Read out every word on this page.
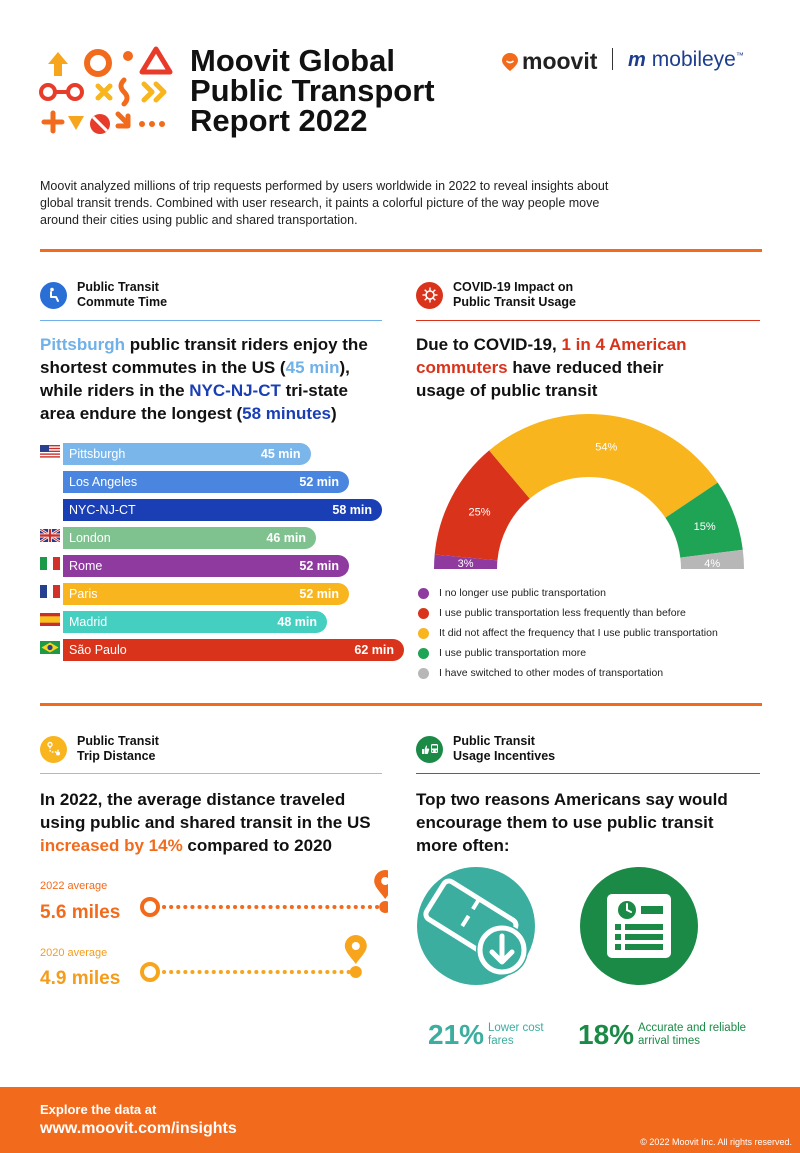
Moovit Global Public Transport Report 2022
moovit m mobileye™
Moovit analyzed millions of trip requests performed by users worldwide in 2022 to reveal insights about global transit trends. Combined with user research, it paints a colorful picture of the way people move around their cities using public and shared transportation.
Public Transit
Commute Time
Pittsburgh public transit riders enjoy the shortest commutes in the US (45 min), while riders in the NYC-NJ-CT tri-state area endure the longest (58 minutes)
Pittsburgh	45 min
Los Angeles	52 min
NYC-NJ-CT	58 min
London	46 min
Rome	52 min
Paris	52 min
Madrid	48 min
São Paulo	62 min
COVID-19 Impact on
Public Transit Usage
Due to COVID-19, 1 in 4 American commuters have reduced their usage of public transit
3%
25%
54%
15%
4%
I no longer use public transportation
I use public transportation less frequently than before
It did not affect the frequency that I use public transportation
I use public transportation more
I have switched to other modes of transportation
Public Transit
Trip Distance
In 2022, the average distance traveled using public and shared transit in the US increased by 14% compared to 2020
2022 average
5.6 miles
2020 average
4.9 miles
Public Transit
Usage Incentives
Top two reasons Americans say would encourage them to use public transit more often:
21% Lower cost
fares	18% Accurate and reliable
arrival times
Explore the data at
www.moovit.com/insights
© 2022 Moovit Inc. All rights reserved.
